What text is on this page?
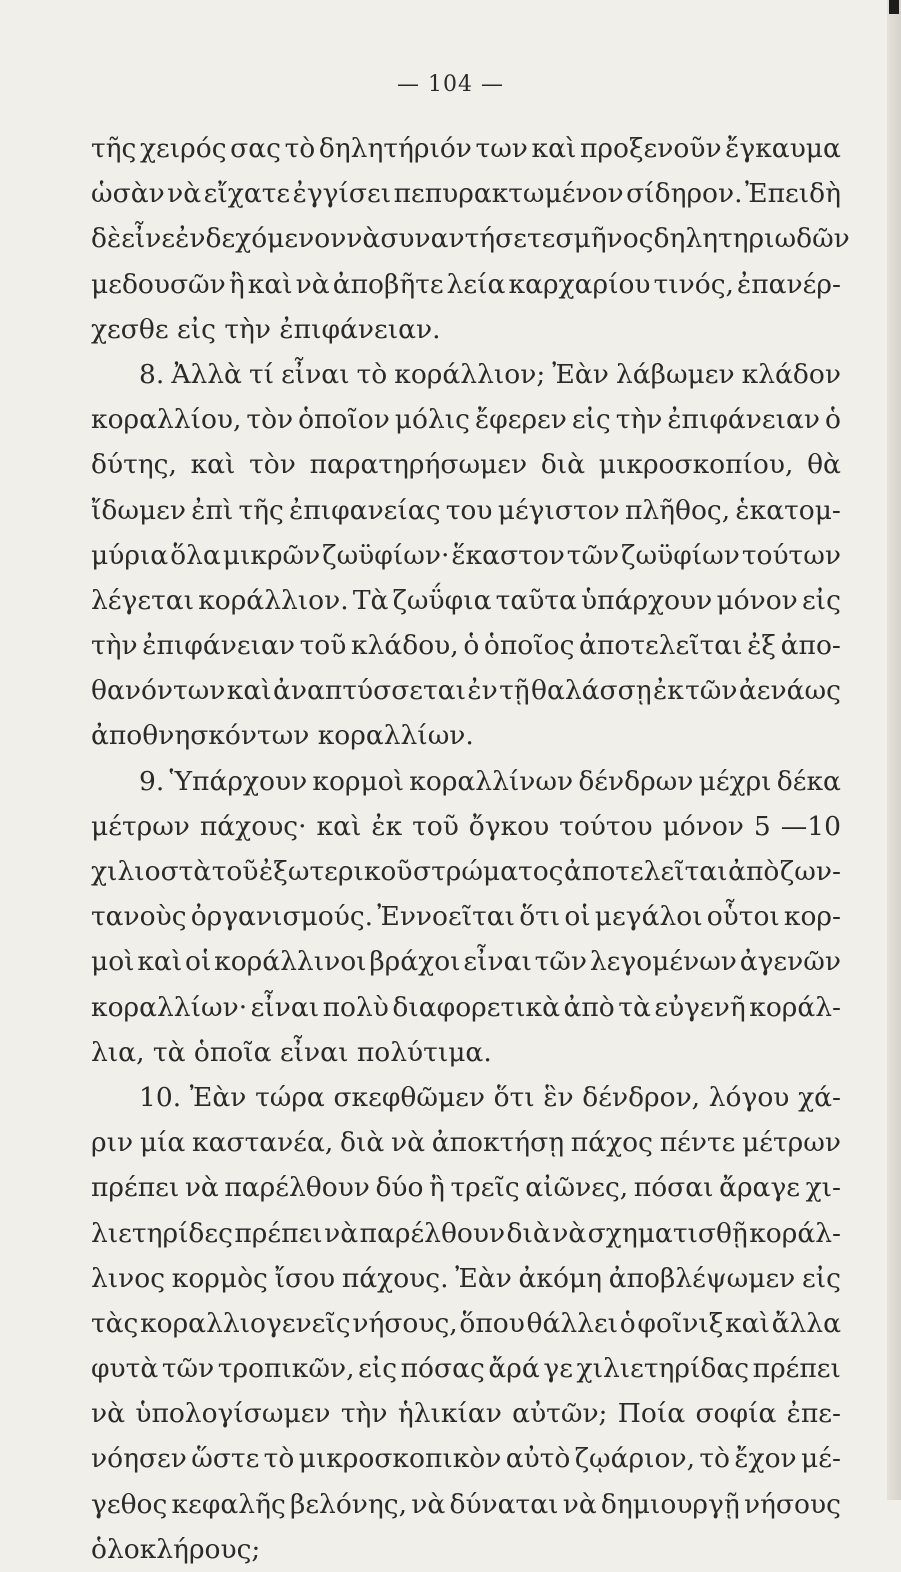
— 104 —
τῆς χειρός σας τὸ δηλητήριόν των καὶ προξενοῦν ἔγκαυμα
ὡσὰν νὰ εἴχατε ἐγγίσει πεπυρακτωμένον σίδηρον. Ἐπειδὴ
δὲ εἶνε ἐνδεχόμενον νὰ συναντήσετε σμῆνος δηλητηριωδῶν
μεδουσῶν ἢ καὶ νὰ ἀποβῆτε λεία καρχαρίου τινός, ἐπανέρ-
χεσθε εἰς τὴν ἐπιφάνειαν.
8. Ἀλλὰ τί εἶναι τὸ κοράλλιον; Ἐὰν λάβωμεν κλάδον
κοραλλίου, τὸν ὁποῖον μόλις ἔφερεν εἰς τὴν ἐπιφάνειαν ὁ
δύτης, καὶ τὸν παρατηρήσωμεν διὰ μικροσκοπίου, θὰ
ἴδωμεν ἐπὶ τῆς ἐπιφανείας του μέγιστον πλῆθος, ἑκατομ-
μύρια ὅλα μικρῶν ζωϋφίων· ἕκαστον τῶν ζωϋφίων τούτων
λέγεται κοράλλιον. Τὰ ζωΰφια ταῦτα ὑπάρχουν μόνον εἰς
τὴν ἐπιφάνειαν τοῦ κλάδου, ὁ ὁποῖος ἀποτελεῖται ἐξ ἀπο-
θανόντων καὶ ἀναπτύσσεται ἐν τῇ θαλάσσῃ ἐκ τῶν ἀενάως
ἀποθνησκόντων κοραλλίων.
9. Ὑπάρχουν κορμοὶ κοραλλίνων δένδρων μέχρι δέκα
μέτρων πάχους· καὶ ἐκ τοῦ ὄγκου τούτου μόνον 5 —10
χιλιοστὰ τοῦ ἐξωτερικοῦ στρώματος ἀποτελεῖται ἀπὸ ζων-
τανοὺς ὀργανισμούς. Ἐννοεῖται ὅτι οἱ μεγάλοι οὗτοι κορ-
μοὶ καὶ οἱ κοράλλινοι βράχοι εἶναι τῶν λεγομένων ἀγενῶν
κοραλλίων· εἶναι πολὺ διαφορετικὰ ἀπὸ τὰ εὐγενῆ κοράλ-
λια, τὰ ὁποῖα εἶναι πολύτιμα.
10. Ἐὰν τώρα σκεφθῶμεν ὅτι ἓν δένδρον, λόγου χά-
ριν μία καστανέα, διὰ νὰ ἀποκτήσῃ πάχος πέντε μέτρων
πρέπει νὰ παρέλθουν δύο ἢ τρεῖς αἰῶνες, πόσαι ἄραγε χι-
λιετηρίδες πρέπει νὰ παρέλθουν διὰ νὰ σχηματισθῇ κοράλ-
λινος κορμὸς ἴσου πάχους. Ἐὰν ἀκόμη ἀποβλέψωμεν εἰς
τὰς κοραλλιογενεῖς νήσους, ὅπου θάλλει ὁ φοῖνιξ καὶ ἄλλα
φυτὰ τῶν τροπικῶν, εἰς πόσας ἄρά γε χιλιετηρίδας πρέπει
νὰ ὑπολογίσωμεν τὴν ἡλικίαν αὐτῶν; Ποία σοφία ἐπε-
νόησεν ὥστε τὸ μικροσκοπικὸν αὐτὸ ζῳάριον, τὸ ἔχον μέ-
γεθος κεφαλῆς βελόνης, νὰ δύναται νὰ δημιουργῇ νήσους
ὁλοκλήρους;
